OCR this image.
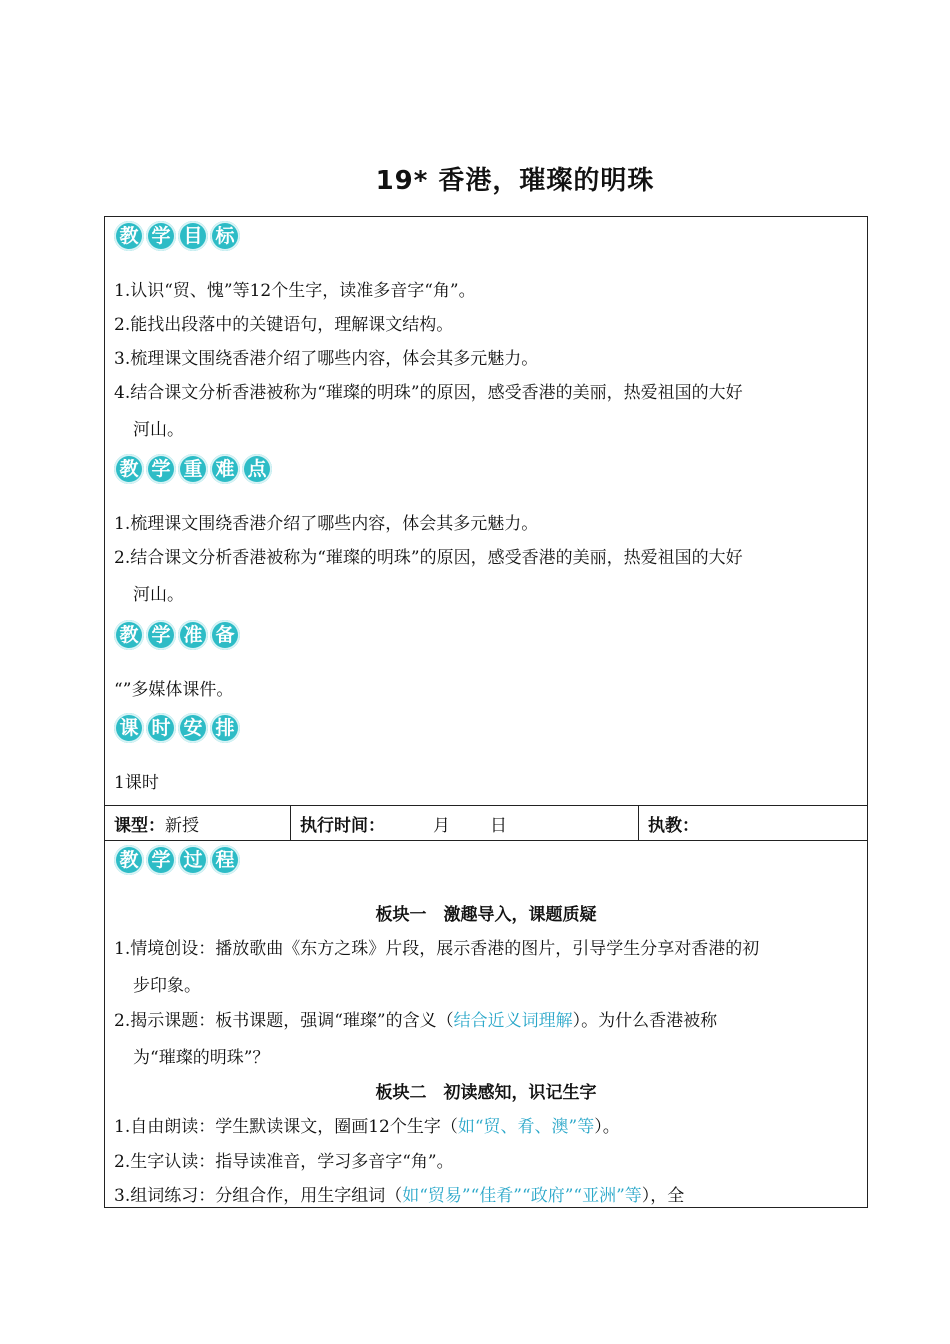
19* 香港，璀璨的明珠
教 学 目 标
1.认识“贸、愧”等12个生字，读准多音字“角”。
2.能找出段落中的关键语句，理解课文结构。
3.梳理课文围绕香港介绍了哪些内容，体会其多元魅力。
4.结合课文分析香港被称为“璀璨的明珠”的原因，感受香港的美丽，热爱祖国的大好
河山。
教 学 重 难 点
1.梳理课文围绕香港介绍了哪些内容，体会其多元魅力。
2.结合课文分析香港被称为“璀璨的明珠”的原因，感受香港的美丽，热爱祖国的大好
河山。
教 学 准 备
“”多媒体课件。
课 时 安 排
1课时
课型： 新授	执行时间：	月 日	执教：
教 学 过 程
板块一　激趣导入，课题质疑
1.情境创设：播放歌曲《东方之珠》片段，展示香港的图片，引导学生分享对香港的初
步印象。
2.揭示课题：板书课题，强调“璀璨”的含义（结合近义词理解）。为什么香港被称
为“璀璨的明珠”？
板块二　初读感知，识记生字
1.自由朗读：学生默读课文，圈画12个生字（如“贸、肴、澳”等）。
2.生字认读：指导读准音，学习多音字“角”。
3.组词练习：分组合作，用生字组词（如“贸易”“佳肴”“政府”“亚洲”等），全
